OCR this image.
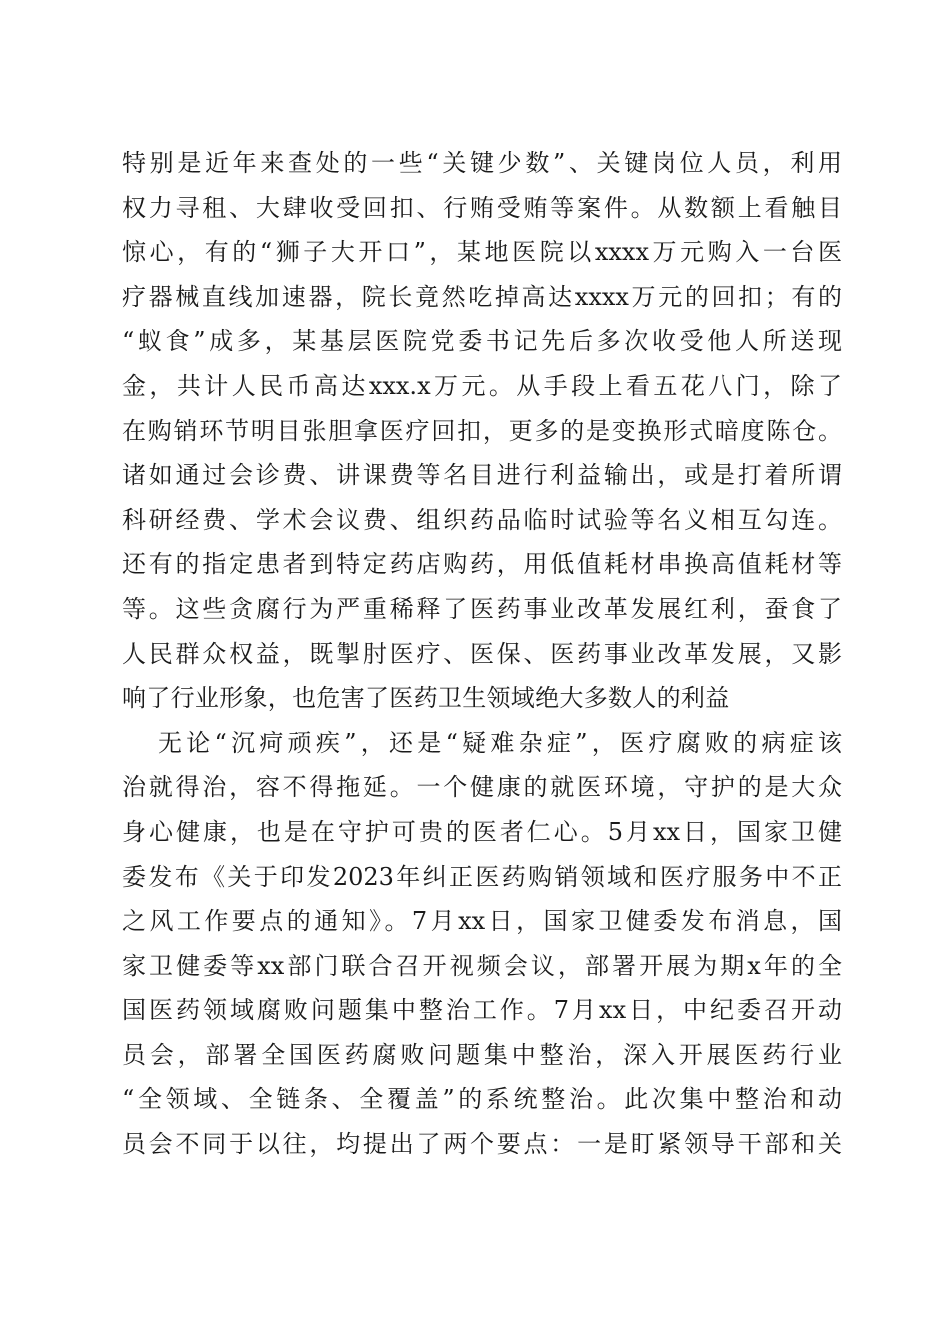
特别是近年来查处的一些“关键少数”、关键岗位人员，利用
权力寻租、大肆收受回扣、行贿受贿等案件。从数额上看触目
惊心，有的“狮子大开口”，某地医院以xxxx万元购入一台医
疗器械直线加速器，院长竟然吃掉高达xxxx万元的回扣；有的
“蚁食”成多，某基层医院党委书记先后多次收受他人所送现
金，共计人民币高达xxx.x万元。从手段上看五花八门，除了
在购销环节明目张胆拿医疗回扣，更多的是变换形式暗度陈仓。
诸如通过会诊费、讲课费等名目进行利益输出，或是打着所谓
科研经费、学术会议费、组织药品临时试验等名义相互勾连。
还有的指定患者到特定药店购药，用低值耗材串换高值耗材等
等。这些贪腐行为严重稀释了医药事业改革发展红利，蚕食了
人民群众权益，既掣肘医疗、医保、医药事业改革发展，又影
响了行业形象，也危害了医药卫生领域绝大多数人的利益
无论“沉疴顽疾”，还是“疑难杂症”，医疗腐败的病症该
治就得治，容不得拖延。一个健康的就医环境，守护的是大众
身心健康，也是在守护可贵的医者仁心。5月xx日，国家卫健
委发布《关于印发2023年纠正医药购销领域和医疗服务中不正
之风工作要点的通知》。7月xx日，国家卫健委发布消息，国
家卫健委等xx部门联合召开视频会议，部署开展为期x年的全
国医药领域腐败问题集中整治工作。7月xx日，中纪委召开动
员会，部署全国医药腐败问题集中整治，深入开展医药行业
“全领域、全链条、全覆盖”的系统整治。此次集中整治和动
员会不同于以往，均提出了两个要点：一是盯紧领导干部和关
